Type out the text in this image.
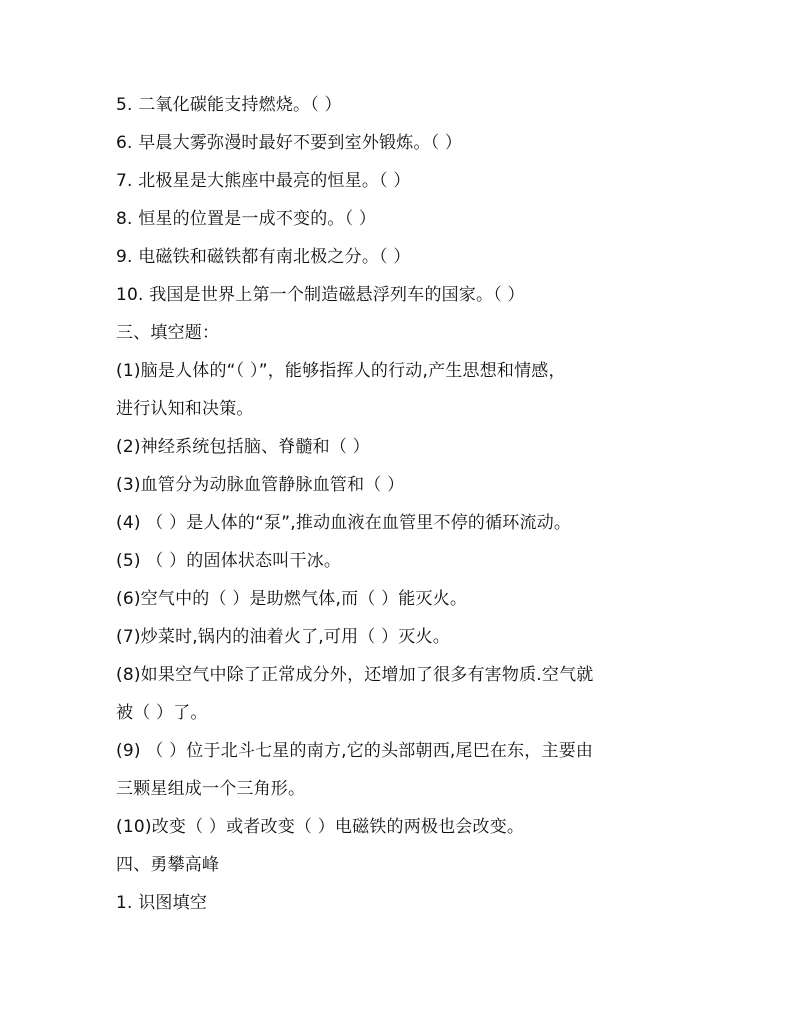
5. 二氧化碳能支持燃烧。（ ）
6. 早晨大雾弥漫时最好不要到室外锻炼。（ ）
7. 北极星是大熊座中最亮的恒星。（ ）
8. 恒星的位置是一成不变的。（ ）
9. 电磁铁和磁铁都有南北极之分。（ ）
10. 我国是世界上第一个制造磁悬浮列车的国家。（ ）
三、填空题：
(1)脑是人体的“（ ）”，能够指挥人的行动,产生思想和情感，
进行认知和决策。
(2)神经系统包括脑、脊髓和（ ）
(3)血管分为动脉血管静脉血管和（ ）
(4) （ ）是人体的“泵”,推动血液在血管里不停的循环流动。
(5) （ ）的固体状态叫干冰。
(6)空气中的（ ）是助燃气体,而（ ）能灭火。
(7)炒菜时,锅内的油着火了,可用（ ）灭火。
(8)如果空气中除了正常成分外，还增加了很多有害物质.空气就
被（ ）了。
(9) （ ）位于北斗七星的南方,它的头部朝西,尾巴在东，主要由
三颗星组成一个三角形。
(10)改变（ ）或者改变（ ）电磁铁的两极也会改变。
四、勇攀高峰
1. 识图填空
